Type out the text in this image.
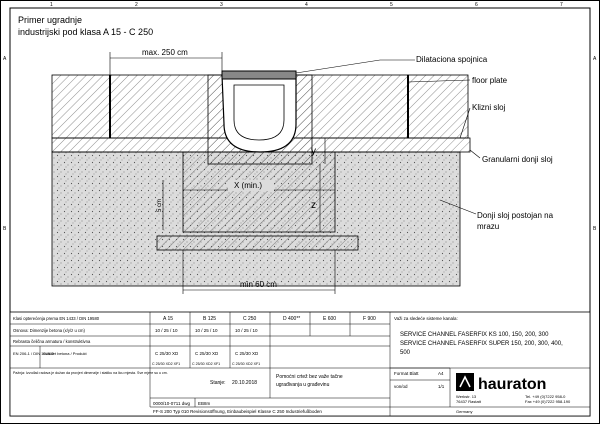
A
B
A
B
1	2	3	4	5	6	7
Primer ugradnje
industrijski pod klasa A 15 - C 250
max. 250 cm
X (min.)
y
z
5 cm
min 60 cm
Dilataciona spojnica
floor plate
Klizni sloj
Granularni donji sloj
Donji sloj postojan na
mrazu
Klasi opterećenja prema EN 1433 / DIN 19580	A 15	B 125	C 250	D 400**	E 600	F 900
Osnova: Dimenzije betona (x/y/z u cm)	10 / 25 / 10	10 / 25 / 10	10 / 25 / 10
Rebrasta čelična armatura / konstruktivna
EN 206-1 / DIN 1045-2
Kvalitet betona / Produkt	C 25/30 XD	C 25/30 XD	C 25/30 XD
C 25/30 XD2 XF1	C 25/30 XD2 XF1	C 25/30 XD2 XF1
Pažnja: Izvođač radova je dužan da provjeri dimenzije i statiku na licu mjesta. Sve mjere su u cm.
Stanje: 20.10.2018
Pomoćni crtež bez važe tačne
ugrađivanja u građevinu
0000/10-0711 dwg EB8m
FF-S 200 Typ 010 Revisionsöffnung, Einbaubeispiel Klasse C 250 Industriefußboden
Važi za sledeće sisteme kanala:
SERVICE CHANNEL FASERFIX KS 100, 150, 200, 300
SERVICE CHANNEL FASERFIX SUPER 150, 200, 300, 400,
500
Format Blatt	A4
von/od	1/1 hauraton
Werkstr. 13
76437 Rastatt
Germany
Tel. +49 (0)7222 958-0
Fax +49 (0)7222 958-190
